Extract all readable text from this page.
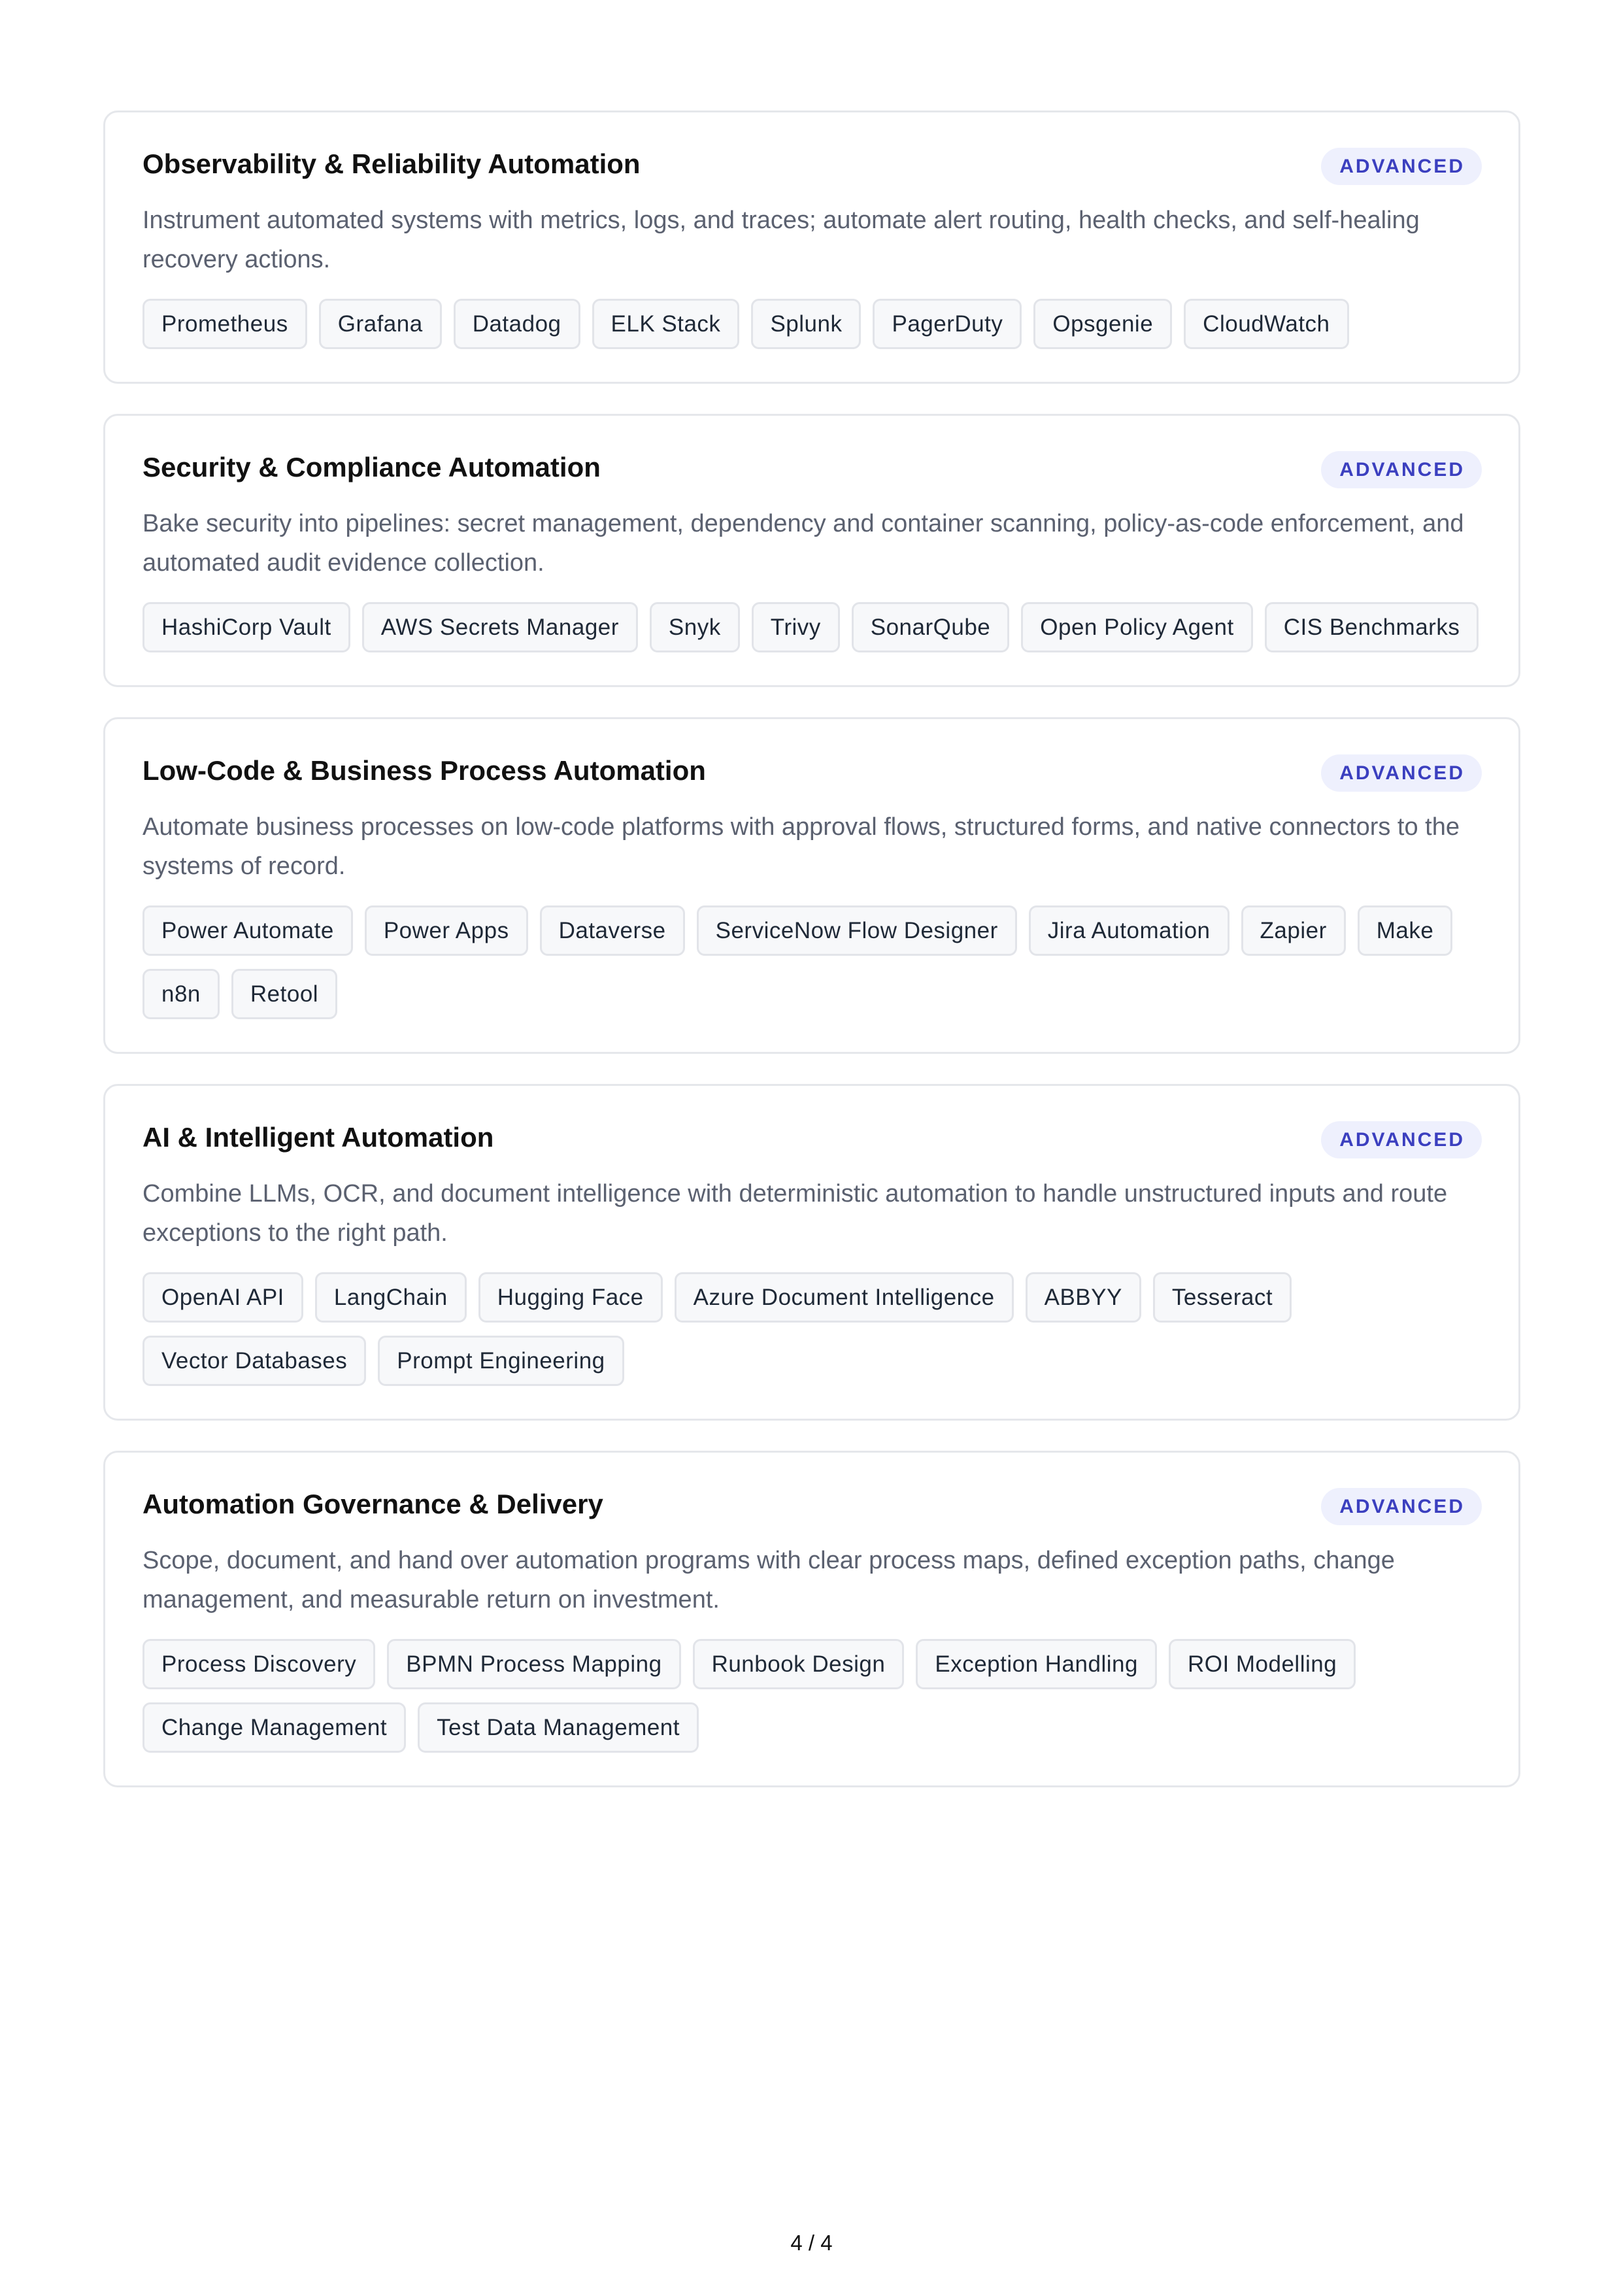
Observability & Reliability Automation	ADVANCED

Instrument automated systems with metrics, logs, and traces; automate alert routing, health checks, and self-healing recovery actions.

Prometheus	Grafana	Datadog	ELK Stack	Splunk	PagerDuty	Opsgenie	CloudWatch
Security & Compliance Automation	ADVANCED

Bake security into pipelines: secret management, dependency and container scanning, policy-as-code enforcement, and automated audit evidence collection.

HashiCorp Vault	AWS Secrets Manager	Snyk	Trivy	SonarQube	Open Policy Agent	CIS Benchmarks
Low-Code & Business Process Automation	ADVANCED

Automate business processes on low-code platforms with approval flows, structured forms, and native connectors to the systems of record.

Power Automate	Power Apps	Dataverse	ServiceNow Flow Designer	Jira Automation	Zapier	Make
n8n	Retool
AI & Intelligent Automation	ADVANCED

Combine LLMs, OCR, and document intelligence with deterministic automation to handle unstructured inputs and route exceptions to the right path.

OpenAI API	LangChain	Hugging Face	Azure Document Intelligence	ABBYY	Tesseract
Vector Databases	Prompt Engineering
Automation Governance & Delivery	ADVANCED

Scope, document, and hand over automation programs with clear process maps, defined exception paths, change management, and measurable return on investment.

Process Discovery	BPMN Process Mapping	Runbook Design	Exception Handling	ROI Modelling
Change Management	Test Data Management
4 / 4
